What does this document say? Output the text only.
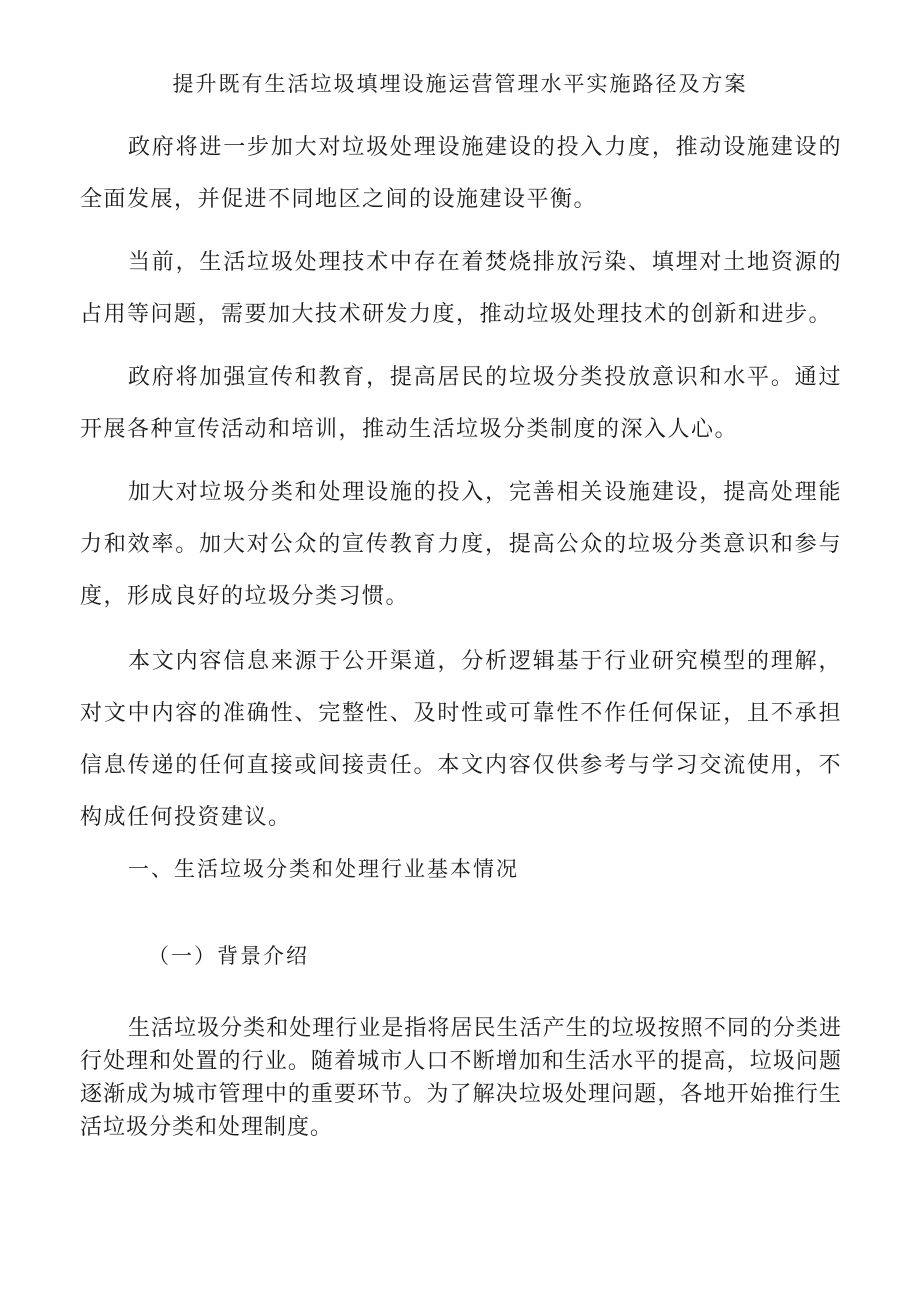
提升既有生活垃圾填埋设施运营管理水平实施路径及方案

政府将进一步加大对垃圾处理设施建设的投入力度，推动设施建设的全面发展，并促进不同地区之间的设施建设平衡。

当前，生活垃圾处理技术中存在着焚烧排放污染、填埋对土地资源的占用等问题，需要加大技术研发力度，推动垃圾处理技术的创新和进步。

政府将加强宣传和教育，提高居民的垃圾分类投放意识和水平。通过开展各种宣传活动和培训，推动生活垃圾分类制度的深入人心。

加大对垃圾分类和处理设施的投入，完善相关设施建设，提高处理能力和效率。加大对公众的宣传教育力度，提高公众的垃圾分类意识和参与度，形成良好的垃圾分类习惯。

本文内容信息来源于公开渠道，分析逻辑基于行业研究模型的理解，对文中内容的准确性、完整性、及时性或可靠性不作任何保证，且不承担信息传递的任何直接或间接责任。本文内容仅供参考与学习交流使用，不构成任何投资建议。

一、生活垃圾分类和处理行业基本情况
（一）背景介绍

生活垃圾分类和处理行业是指将居民生活产生的垃圾按照不同的分类进行处理和处置的行业。随着城市人口不断增加和生活水平的提高，垃圾问题逐渐成为城市管理中的重要环节。为了解决垃圾处理问题，各地开始推行生活垃圾分类和处理制度。
